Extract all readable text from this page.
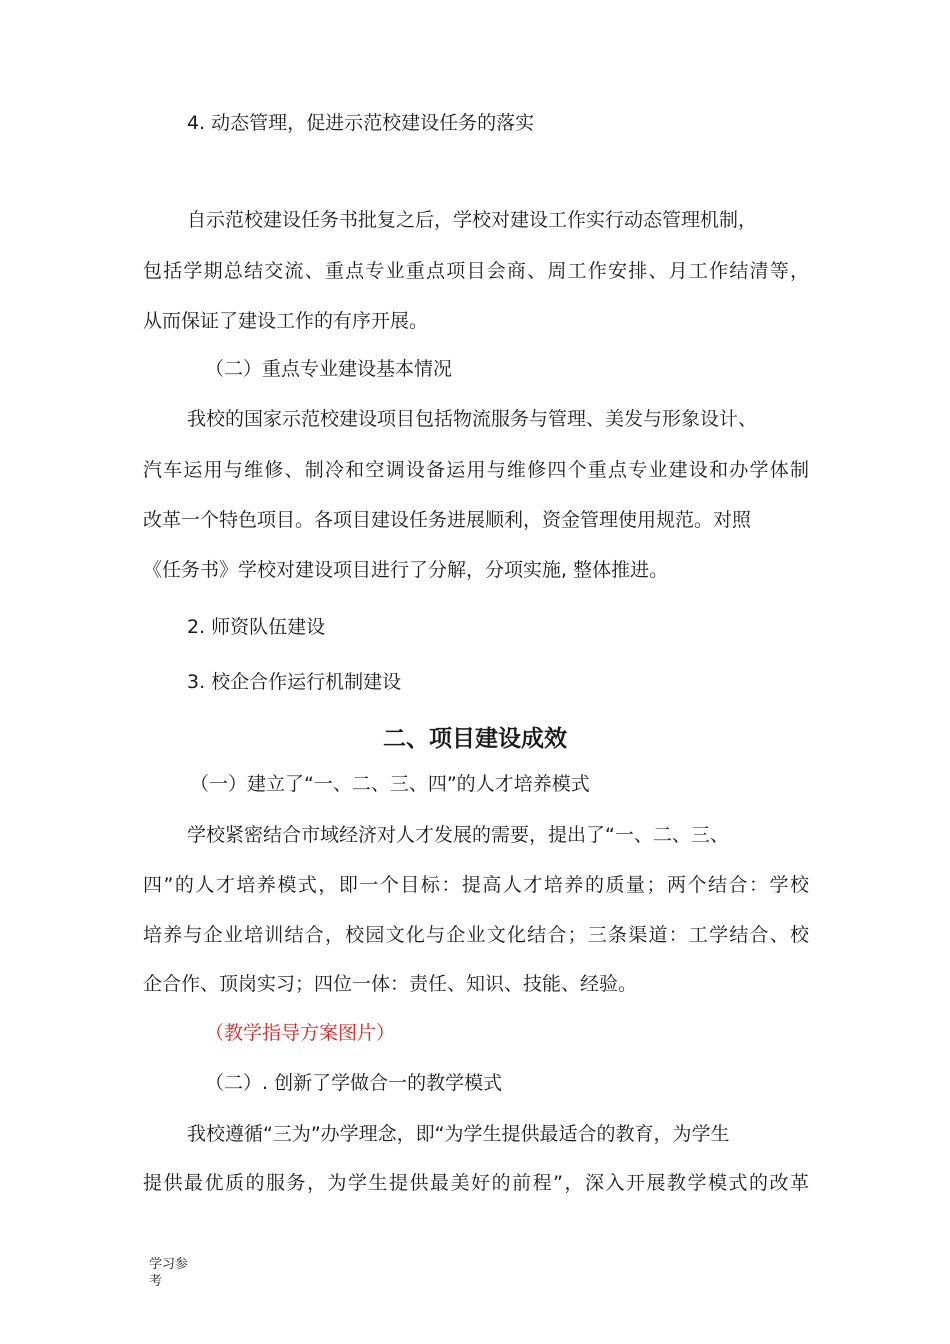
4. 动态管理，促进示范校建设任务的落实
自示范校建设任务书批复之后，学校对建设工作实行动态管理机制，
包括学期总结交流、重点专业重点项目会商、周工作安排、月工作结清等，
从而保证了建设工作的有序开展。
（二）重点专业建设基本情况
我校的国家示范校建设项目包括物流服务与管理、美发与形象设计、
汽车运用与维修、制冷和空调设备运用与维修四个重点专业建设和办学体制
改革一个特色项目。各项目建设任务进展顺利，资金管理使用规范。对照
《任务书》学校对建设项目进行了分解，分项实施, 整体推进。
2. 师资队伍建设
3. 校企合作运行机制建设
二、项目建设成效
（一）建立了“一、二、三、四”的人才培养模式
学校紧密结合市域经济对人才发展的需要，提出了“一、二、三、
四”的人才培养模式，即一个目标：提高人才培养的质量；两个结合：学校
培养与企业培训结合，校园文化与企业文化结合；三条渠道：工学结合、校
企合作、顶岗实习；四位一体：责任、知识、技能、经验。
（教学指导方案图片）
（二）. 创新了学做合一的教学模式
我校遵循“三为”办学理念，即“为学生提供最适合的教育，为学生
提供最优质的服务，为学生提供最美好的前程”，深入开展教学模式的改革
学习参考
